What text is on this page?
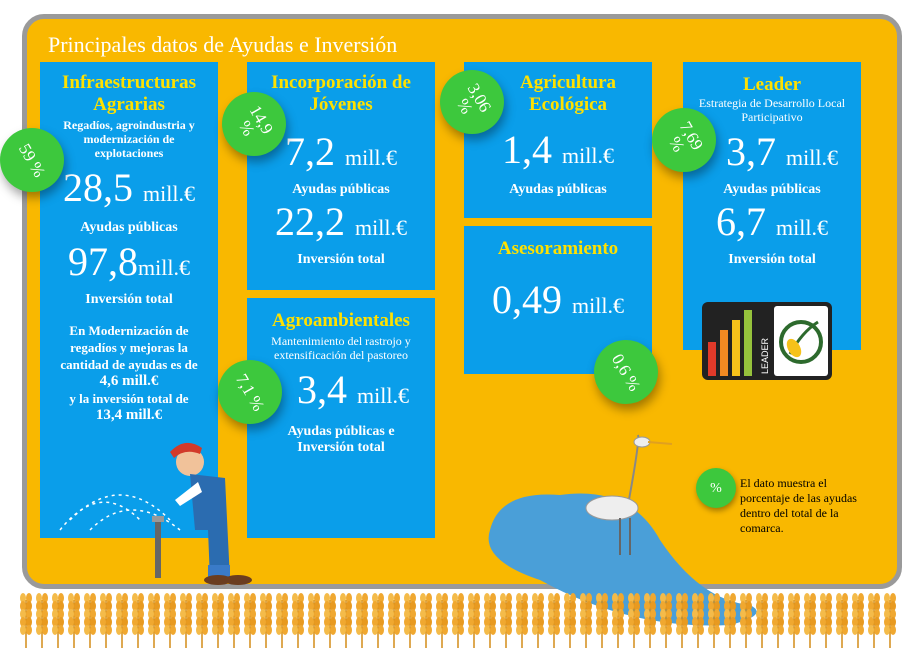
Principales datos de Ayudas e Inversión
Infraestructuras Agrarias
Regadíos, agroindustria y modernización de explotaciones
28,5 mill.€
Ayudas públicas
97,8mill.€
Inversión total
En Modernización de regadíos y mejoras la cantidad de ayudas es de
4,6 mill.€
y la inversión total de
13,4 mill.€
Incorporación de Jóvenes
7,2 mill.€
Ayudas públicas
22,2 mill.€
Inversión total
Agroambientales
Mantenimiento del rastrojo y extensificación del pastoreo
3,4 mill.€
Ayudas públicas e Inversión total
Agricultura Ecológica
1,4 mill.€
Ayudas públicas
Asesoramiento
0,49 mill.€
Leader
Estrategia de Desarrollo Local Participativo
3,7 mill.€
Ayudas públicas
6,7 mill.€
Inversión total
LEADER
59 %
14,9 %
3,06 %
7,69 %
7,1 %	0,6 %
%	El dato muestra el porcentaje de las ayudas dentro del total de la comarca.
